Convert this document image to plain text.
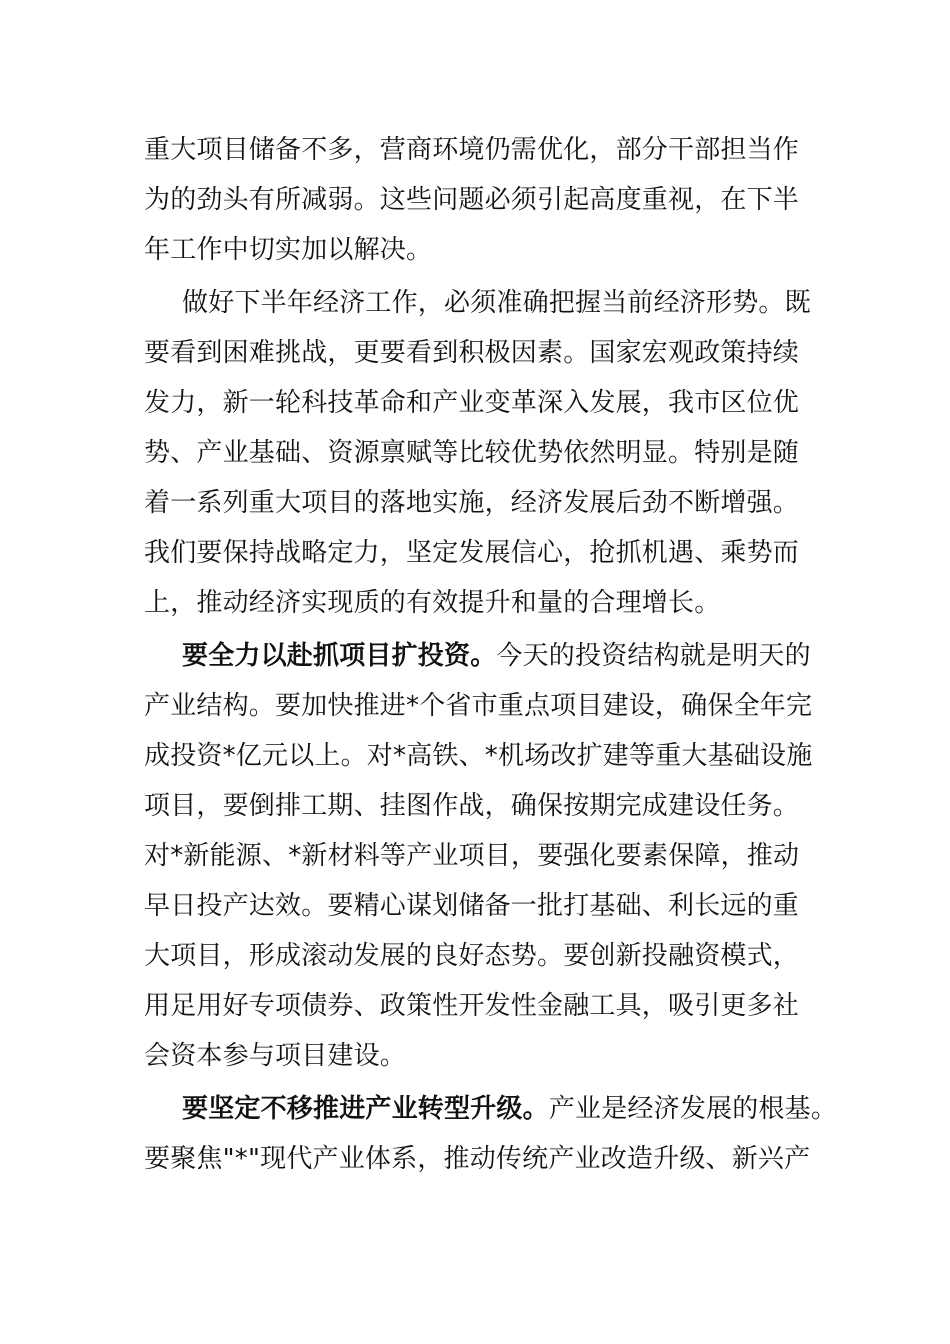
重大项目储备不多，营商环境仍需优化，部分干部担当作
为的劲头有所减弱。这些问题必须引起高度重视，在下半
年工作中切实加以解决。

做好下半年经济工作，必须准确把握当前经济形势。既
要看到困难挑战，更要看到积极因素。国家宏观政策持续
发力，新一轮科技革命和产业变革深入发展，我市区位优
势、产业基础、资源禀赋等比较优势依然明显。特别是随
着一系列重大项目的落地实施，经济发展后劲不断增强。
我们要保持战略定力，坚定发展信心，抢抓机遇、乘势而
上，推动经济实现质的有效提升和量的合理增长。

要全力以赴抓项目扩投资。今天的投资结构就是明天的
产业结构。要加快推进*个省市重点项目建设，确保全年完
成投资*亿元以上。对*高铁、*机场改扩建等重大基础设施
项目，要倒排工期、挂图作战，确保按期完成建设任务。
对*新能源、*新材料等产业项目，要强化要素保障，推动
早日投产达效。要精心谋划储备一批打基础、利长远的重
大项目，形成滚动发展的良好态势。要创新投融资模式，
用足用好专项债券、政策性开发性金融工具，吸引更多社
会资本参与项目建设。

要坚定不移推进产业转型升级。产业是经济发展的根基。
要聚焦"*"现代产业体系，推动传统产业改造升级、新兴产
